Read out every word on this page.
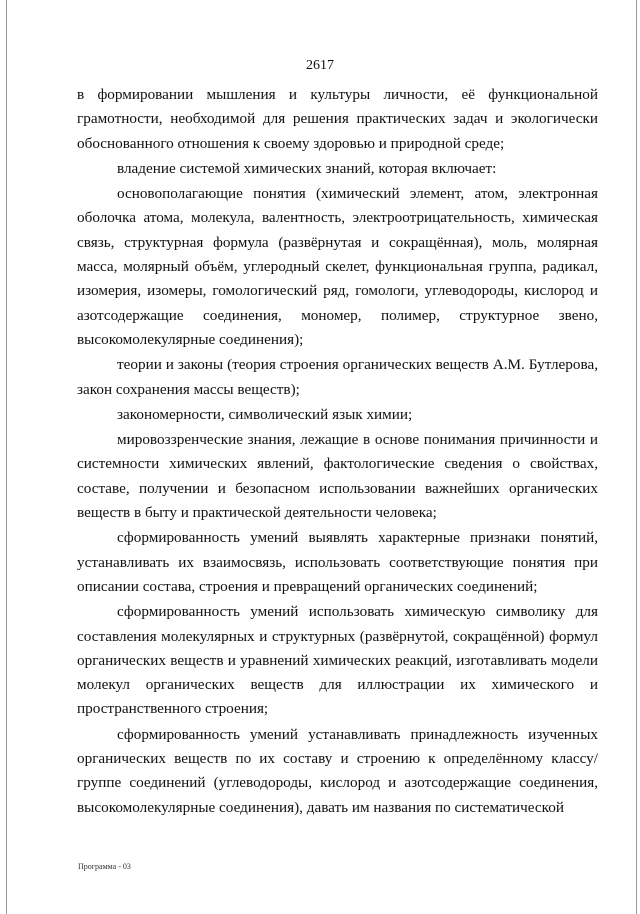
2617

в формировании мышления и культуры личности, её функциональной грамотности, необходимой для решения практических задач и экологически обоснованного отношения к своему здоровью и природной среде;

владение системой химических знаний, которая включает:

основополагающие понятия (химический элемент, атом, электронная оболочка атома, молекула, валентность, электроотрицательность, химическая связь, структурная формула (развёрнутая и сокращённая), моль, молярная масса, молярный объём, углеродный скелет, функциональная группа, радикал, изомерия, изомеры, гомологический ряд, гомологи, углеводороды, кислород и азотсодержащие соединения, мономер, полимер, структурное звено, высокомолекулярные соединения);

теории и законы (теория строения органических веществ А.М. Бутлерова, закон сохранения массы веществ);

закономерности, символический язык химии;

мировоззренческие знания, лежащие в основе понимания причинности и системности химических явлений, фактологические сведения о свойствах, составе, получении и безопасном использовании важнейших органических веществ в быту и практической деятельности человека;

сформированность умений выявлять характерные признаки понятий, устанавливать их взаимосвязь, использовать соответствующие понятия при описании состава, строения и превращений органических соединений;

сформированность умений использовать химическую символику для составления молекулярных и структурных (развёрнутой, сокращённой) формул органических веществ и уравнений химических реакций, изготавливать модели молекул органических веществ для иллюстрации их химического и пространственного строения;

сформированность умений устанавливать принадлежность изученных органических веществ по их составу и строению к определённому классу/группе соединений (углеводороды, кислород и азотсодержащие соединения, высокомолекулярные соединения), давать им названия по систематической

Программа - 03
